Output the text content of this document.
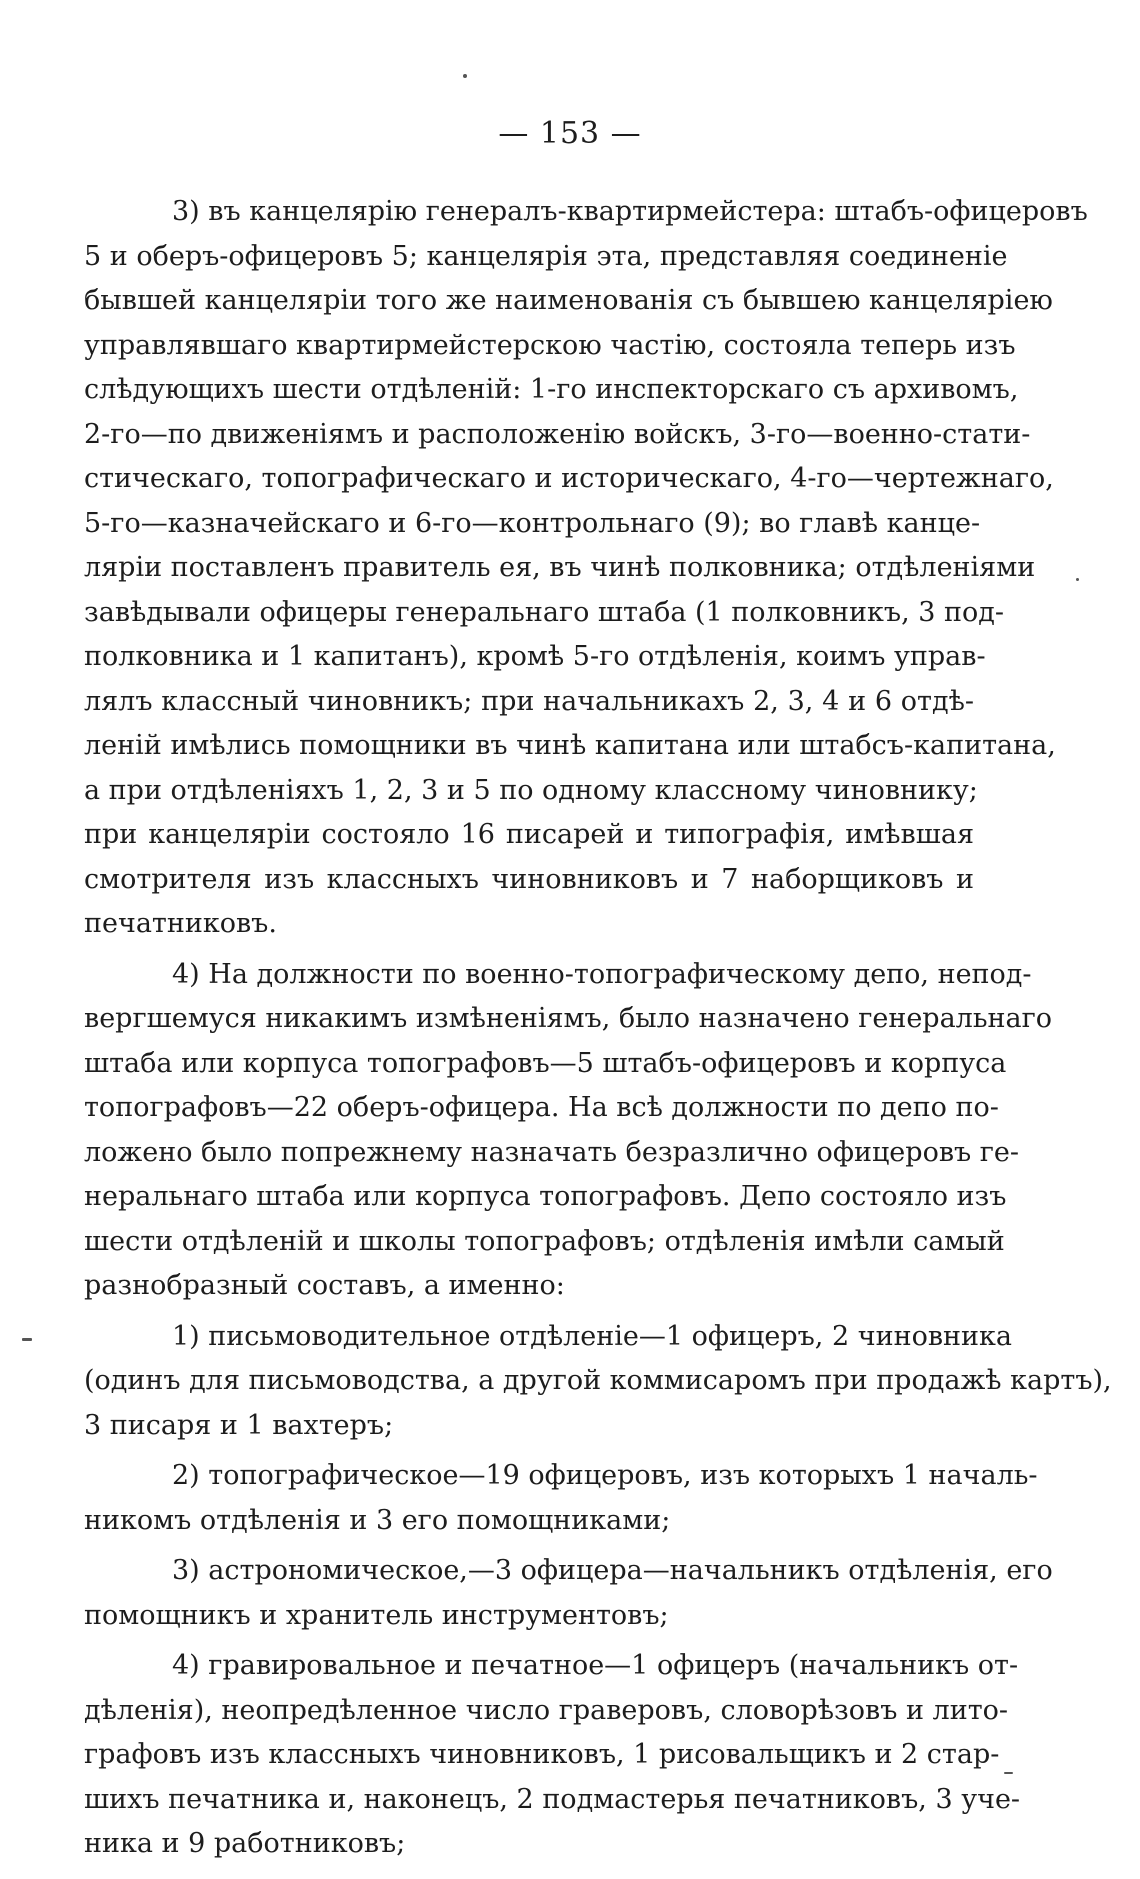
— 153 —
3) въ канцелярію генералъ-квартирмейстера: штабъ-офицеровъ
5 и оберъ-офицеровъ 5; канцелярія эта, представляя соединеніе
бывшей канцеляріи того же наименованія съ бывшею канцеляріею
управлявшаго квартирмейстерскою частію, состояла теперь изъ
слѣдующихъ шести отдѣленій: 1-го инспекторскаго съ архивомъ,
2-го—по движеніямъ и расположенію войскъ, 3-го—военно-стати-
стическаго, топографическаго и историческаго, 4-го—чертежнаго,
5-го—казначейскаго и 6-го—контрольнаго (9); во главѣ канце-
ляріи поставленъ правитель ея, въ чинѣ полковника; отдѣленіями
завѣдывали офицеры генеральнаго штаба (1 полковникъ, 3 под-
полковника и 1 капитанъ), кромѣ 5-го отдѣленія, коимъ управ-
лялъ классный чиновникъ; при начальникахъ 2, 3, 4 и 6 отдѣ-
леній имѣлись помощники въ чинѣ капитана или штабсъ-капитана,
а при отдѣленіяхъ 1, 2, 3 и 5 по одному классному чиновнику;
при канцеляріи состояло 16 писарей и типографія, имѣвшая
смотрителя изъ классныхъ чиновниковъ и 7 наборщиковъ и
печатниковъ.
4) На должности по военно-топографическому депо, непод-
вергшемуся никакимъ измѣненіямъ, было назначено генеральнаго
штаба или корпуса топографовъ—5 штабъ-офицеровъ и корпуса
топографовъ—22 оберъ-офицера. На всѣ должности по депо по-
ложено было попрежнему назначать безразлично офицеровъ ге-
неральнаго штаба или корпуса топографовъ. Депо состояло изъ
шести отдѣленій и школы топографовъ; отдѣленія имѣли самый
разнобразный составъ, а именно:
1) письмоводительное отдѣленіе—1 офицеръ, 2 чиновника
(одинъ для письмоводства, а другой коммисаромъ при продажѣ картъ),
3 писаря и 1 вахтеръ;
2) топографическое—19 офицеровъ, изъ которыхъ 1 началь-
никомъ отдѣленія и 3 его помощниками;
3) астрономическое,—3 офицера—начальникъ отдѣленія, его
помощникъ и хранитель инструментовъ;
4) гравировальное и печатное—1 офицеръ (начальникъ от-
дѣленія), неопредѣленное число граверовъ, словорѣзовъ и лито-
графовъ изъ классныхъ чиновниковъ, 1 рисовальщикъ и 2 стар-
шихъ печатника и, наконецъ, 2 подмастерья печатниковъ, 3 уче-
ника и 9 работниковъ;
